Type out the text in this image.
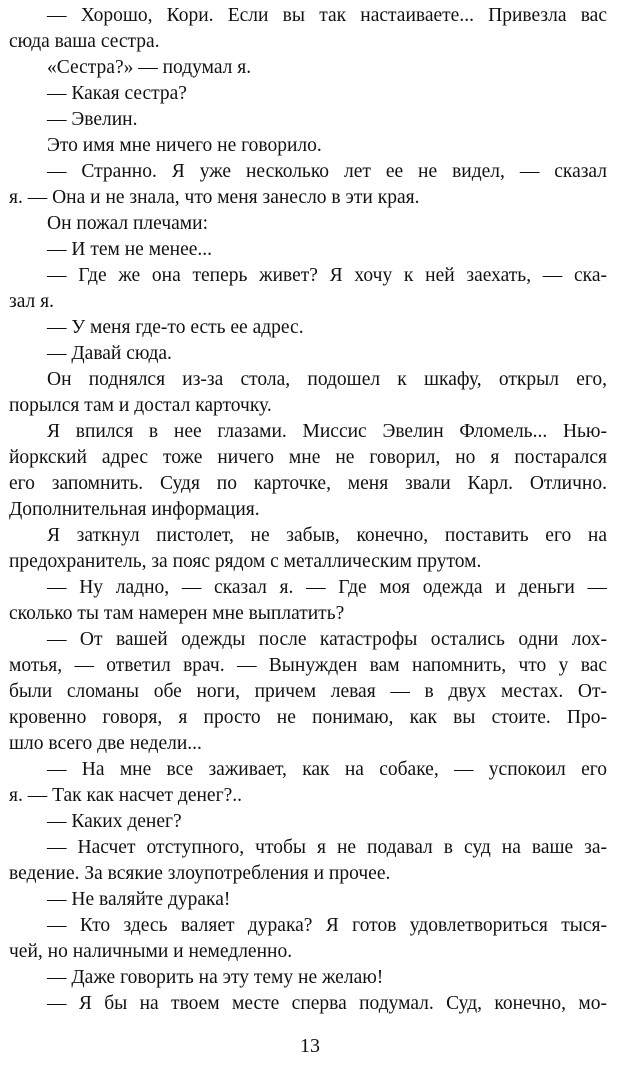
— Хорошо, Кори. Если вы так настаиваете... Привезла вас
сюда ваша сестра.
«Сестра?» — подумал я.
— Какая сестра?
— Эвелин.
Это имя мне ничего не говорило.
— Странно. Я уже несколько лет ее не видел, — сказал
я. — Она и не знала, что меня занесло в эти края.
Он пожал плечами:
— И тем не менее...
— Где же она теперь живет? Я хочу к ней заехать, — ска-
зал я.
— У меня где-то есть ее адрес.
— Давай сюда.
Он поднялся из-за стола, подошел к шкафу, открыл его,
порылся там и достал карточку.
Я впился в нее глазами. Миссис Эвелин Фломель... Нью-
йоркский адрес тоже ничего мне не говорил, но я постарался
его запомнить. Судя по карточке, меня звали Карл. Отлично.
Дополнительная информация.
Я заткнул пистолет, не забыв, конечно, поставить его на
предохранитель, за пояс рядом с металлическим прутом.
— Ну ладно, — сказал я. — Где моя одежда и деньги —
сколько ты там намерен мне выплатить?
— От вашей одежды после катастрофы остались одни лох-
мотья, — ответил врач. — Вынужден вам напомнить, что у вас
были сломаны обе ноги, причем левая — в двух местах. От-
кровенно говоря, я просто не понимаю, как вы стоите. Про-
шло всего две недели...
— На мне все заживает, как на собаке, — успокоил его
я. — Так как насчет денег?..
— Каких денег?
— Насчет отступного, чтобы я не подавал в суд на ваше за-
ведение. За всякие злоупотребления и прочее.
— Не валяйте дурака!
— Кто здесь валяет дурака? Я готов удовлетвориться тыся-
чей, но наличными и немедленно.
— Даже говорить на эту тему не желаю!
— Я бы на твоем месте сперва подумал. Суд, конечно, мо-
13
